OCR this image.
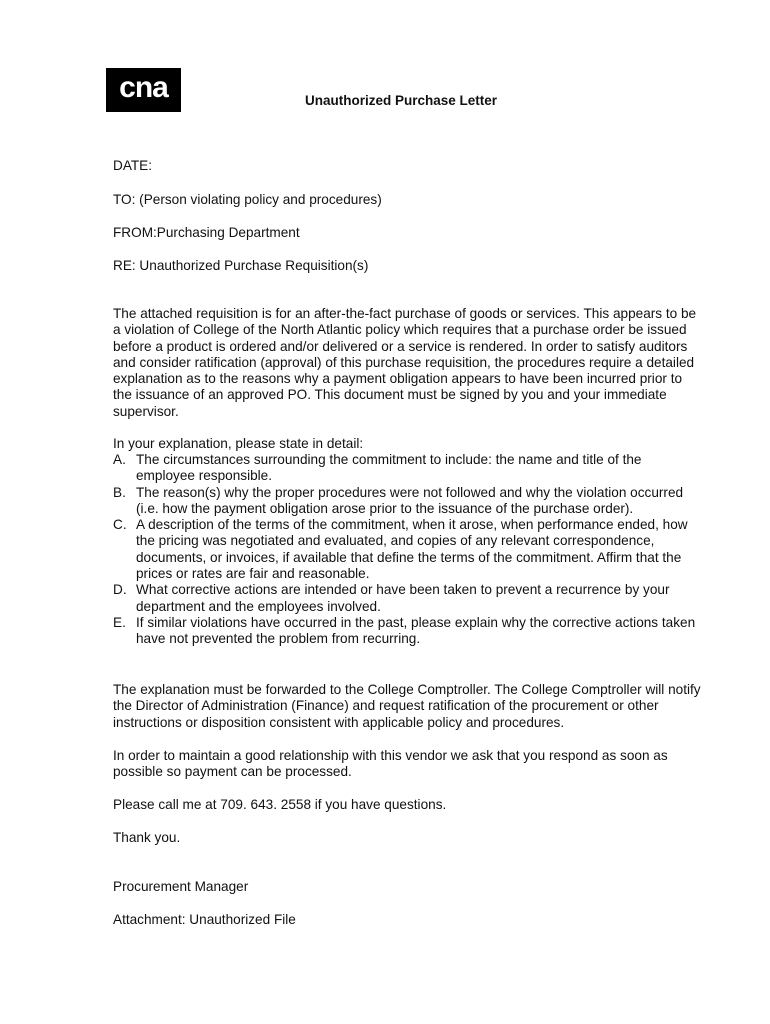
cna	Unauthorized Purchase Letter
DATE:
TO: (Person violating policy and procedures)
FROM:Purchasing Department
RE: Unauthorized Purchase Requisition(s)

The attached requisition is for an after-the-fact purchase of goods or services. This appears to be a violation of College of the North Atlantic policy which requires that a purchase order be issued before a product is ordered and/or delivered or a service is rendered. In order to satisfy auditors and consider ratification (approval) of this purchase requisition, the procedures require a detailed explanation as to the reasons why a payment obligation appears to have been incurred prior to the issuance of an approved PO. This document must be signed by you and your immediate supervisor.

In your explanation, please state in detail:
A. The circumstances surrounding the commitment to include: the name and title of the employee responsible.
B. The reason(s) why the proper procedures were not followed and why the violation occurred (i.e. how the payment obligation arose prior to the issuance of the purchase order).
C. A description of the terms of the commitment, when it arose, when performance ended, how the pricing was negotiated and evaluated, and copies of any relevant correspondence, documents, or invoices, if available that define the terms of the commitment. Affirm that the prices or rates are fair and reasonable.
D. What corrective actions are intended or have been taken to prevent a recurrence by your department and the employees involved.
E. If similar violations have occurred in the past, please explain why the corrective actions taken have not prevented the problem from recurring.

The explanation must be forwarded to the College Comptroller. The College Comptroller will notify the Director of Administration (Finance) and request ratification of the procurement or other instructions or disposition consistent with applicable policy and procedures.

In order to maintain a good relationship with this vendor we ask that you respond as soon as possible so payment can be processed.

Please call me at 709. 643. 2558 if you have questions.
Thank you.
Procurement Manager
Attachment: Unauthorized File
